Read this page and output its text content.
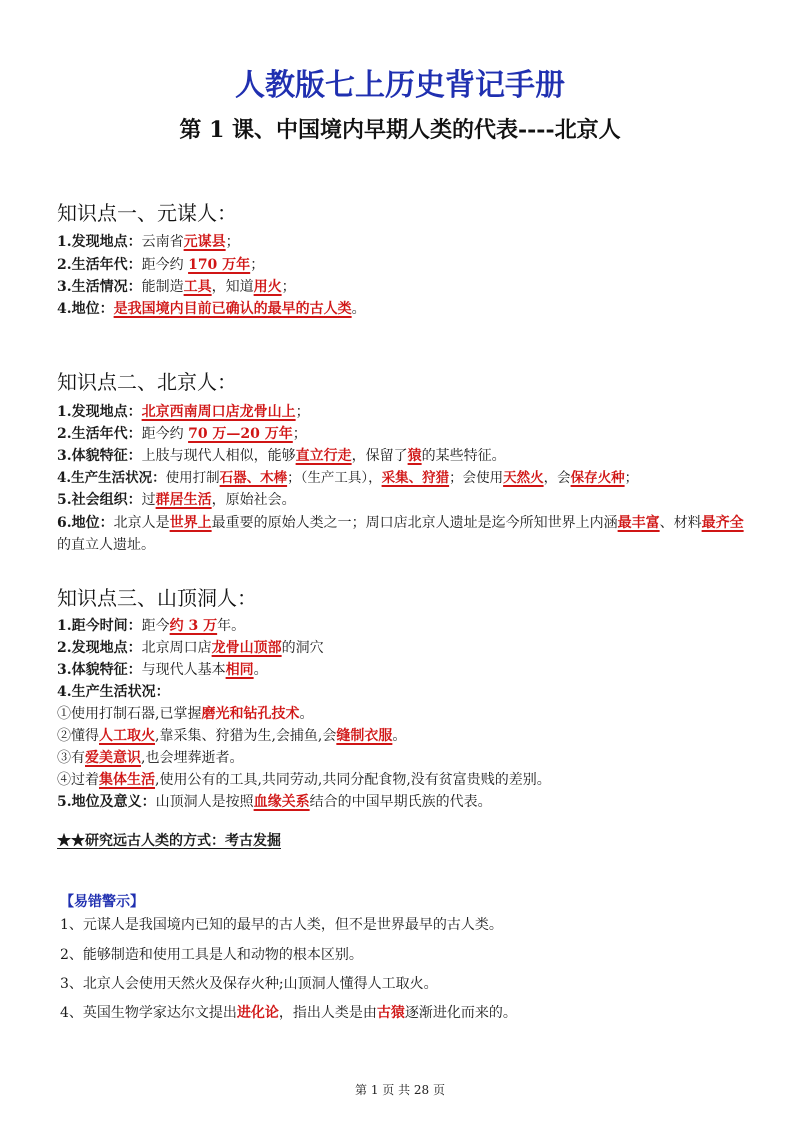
人教版七上历史背记手册
第 1 课、中国境内早期人类的代表----北京人
知识点一、元谋人：
1.发现地点：云南省元谋县；
2.生活年代：距今约 170 万年；
3.生活情况：能制造工具，知道用火；
4.地位：是我国境内目前已确认的最早的古人类。
知识点二、北京人：
1.发现地点：北京西南周口店龙骨山上；
2.生活年代：距今约 70 万—20 万年；
3.体貌特征：上肢与现代人相似，能够直立行走，保留了猿的某些特征。
4.生产生活状况：使用打制石器、木棒；（生产工具），采集、狩猎；会使用天然火，会保存火种；
5.社会组织：过群居生活，原始社会。
6.地位：北京人是世界上最重要的原始人类之一；周口店北京人遗址是迄今所知世界上内涵最丰富、材料最齐全的直立人遗址。
知识点三、山顶洞人：
1.距今时间：距今约 3 万年。
2.发现地点：北京周口店龙骨山顶部的洞穴
3.体貌特征：与现代人基本相同。
4.生产生活状况：
①使用打制石器,已掌握磨光和钻孔技术。
②懂得人工取火,靠采集、狩猎为生,会捕鱼,会缝制衣服。
③有爱美意识,也会埋葬逝者。
④过着集体生活,使用公有的工具,共同劳动,共同分配食物,没有贫富贵贱的差别。
5.地位及意义：山顶洞人是按照血缘关系结合的中国早期氏族的代表。
★★研究远古人类的方式：考古发掘
【易错警示】
1、元谋人是我国境内已知的最早的古人类，但不是世界最早的古人类。
2、能够制造和使用工具是人和动物的根本区别。
3、北京人会使用天然火及保存火种;山顶洞人懂得人工取火。
4、英国生物学家达尔文提出进化论，指出人类是由古猿逐渐进化而来的。
第 1 页 共 28 页
